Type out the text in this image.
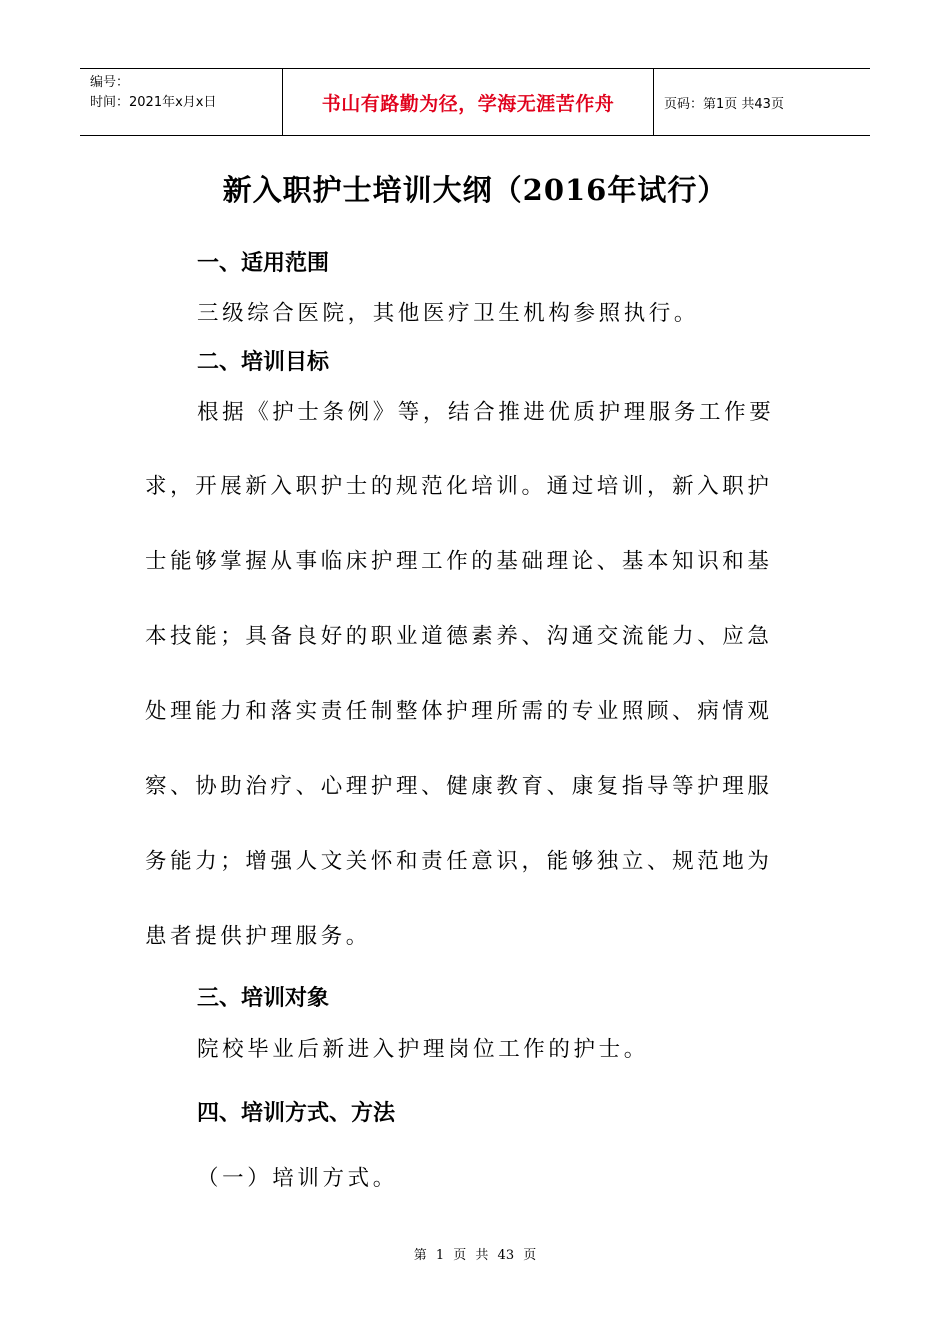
编号：
时间：2021年x月x日	书山有路勤为径，学海无涯苦作舟	页码：第1页 共43页
新入职护士培训大纲（2016年试行）
一、适用范围
三级综合医院，其他医疗卫生机构参照执行。
二、培训目标
根据《护士条例》等，结合推进优质护理服务工作要
求，开展新入职护士的规范化培训。通过培训，新入职护
士能够掌握从事临床护理工作的基础理论、基本知识和基
本技能；具备良好的职业道德素养、沟通交流能力、应急
处理能力和落实责任制整体护理所需的专业照顾、病情观
察、协助治疗、心理护理、健康教育、康复指导等护理服
务能力；增强人文关怀和责任意识，能够独立、规范地为
患者提供护理服务。
三、培训对象
院校毕业后新进入护理岗位工作的护士。
四、培训方式、方法
（一）培训方式。
第 1 页 共 43 页
